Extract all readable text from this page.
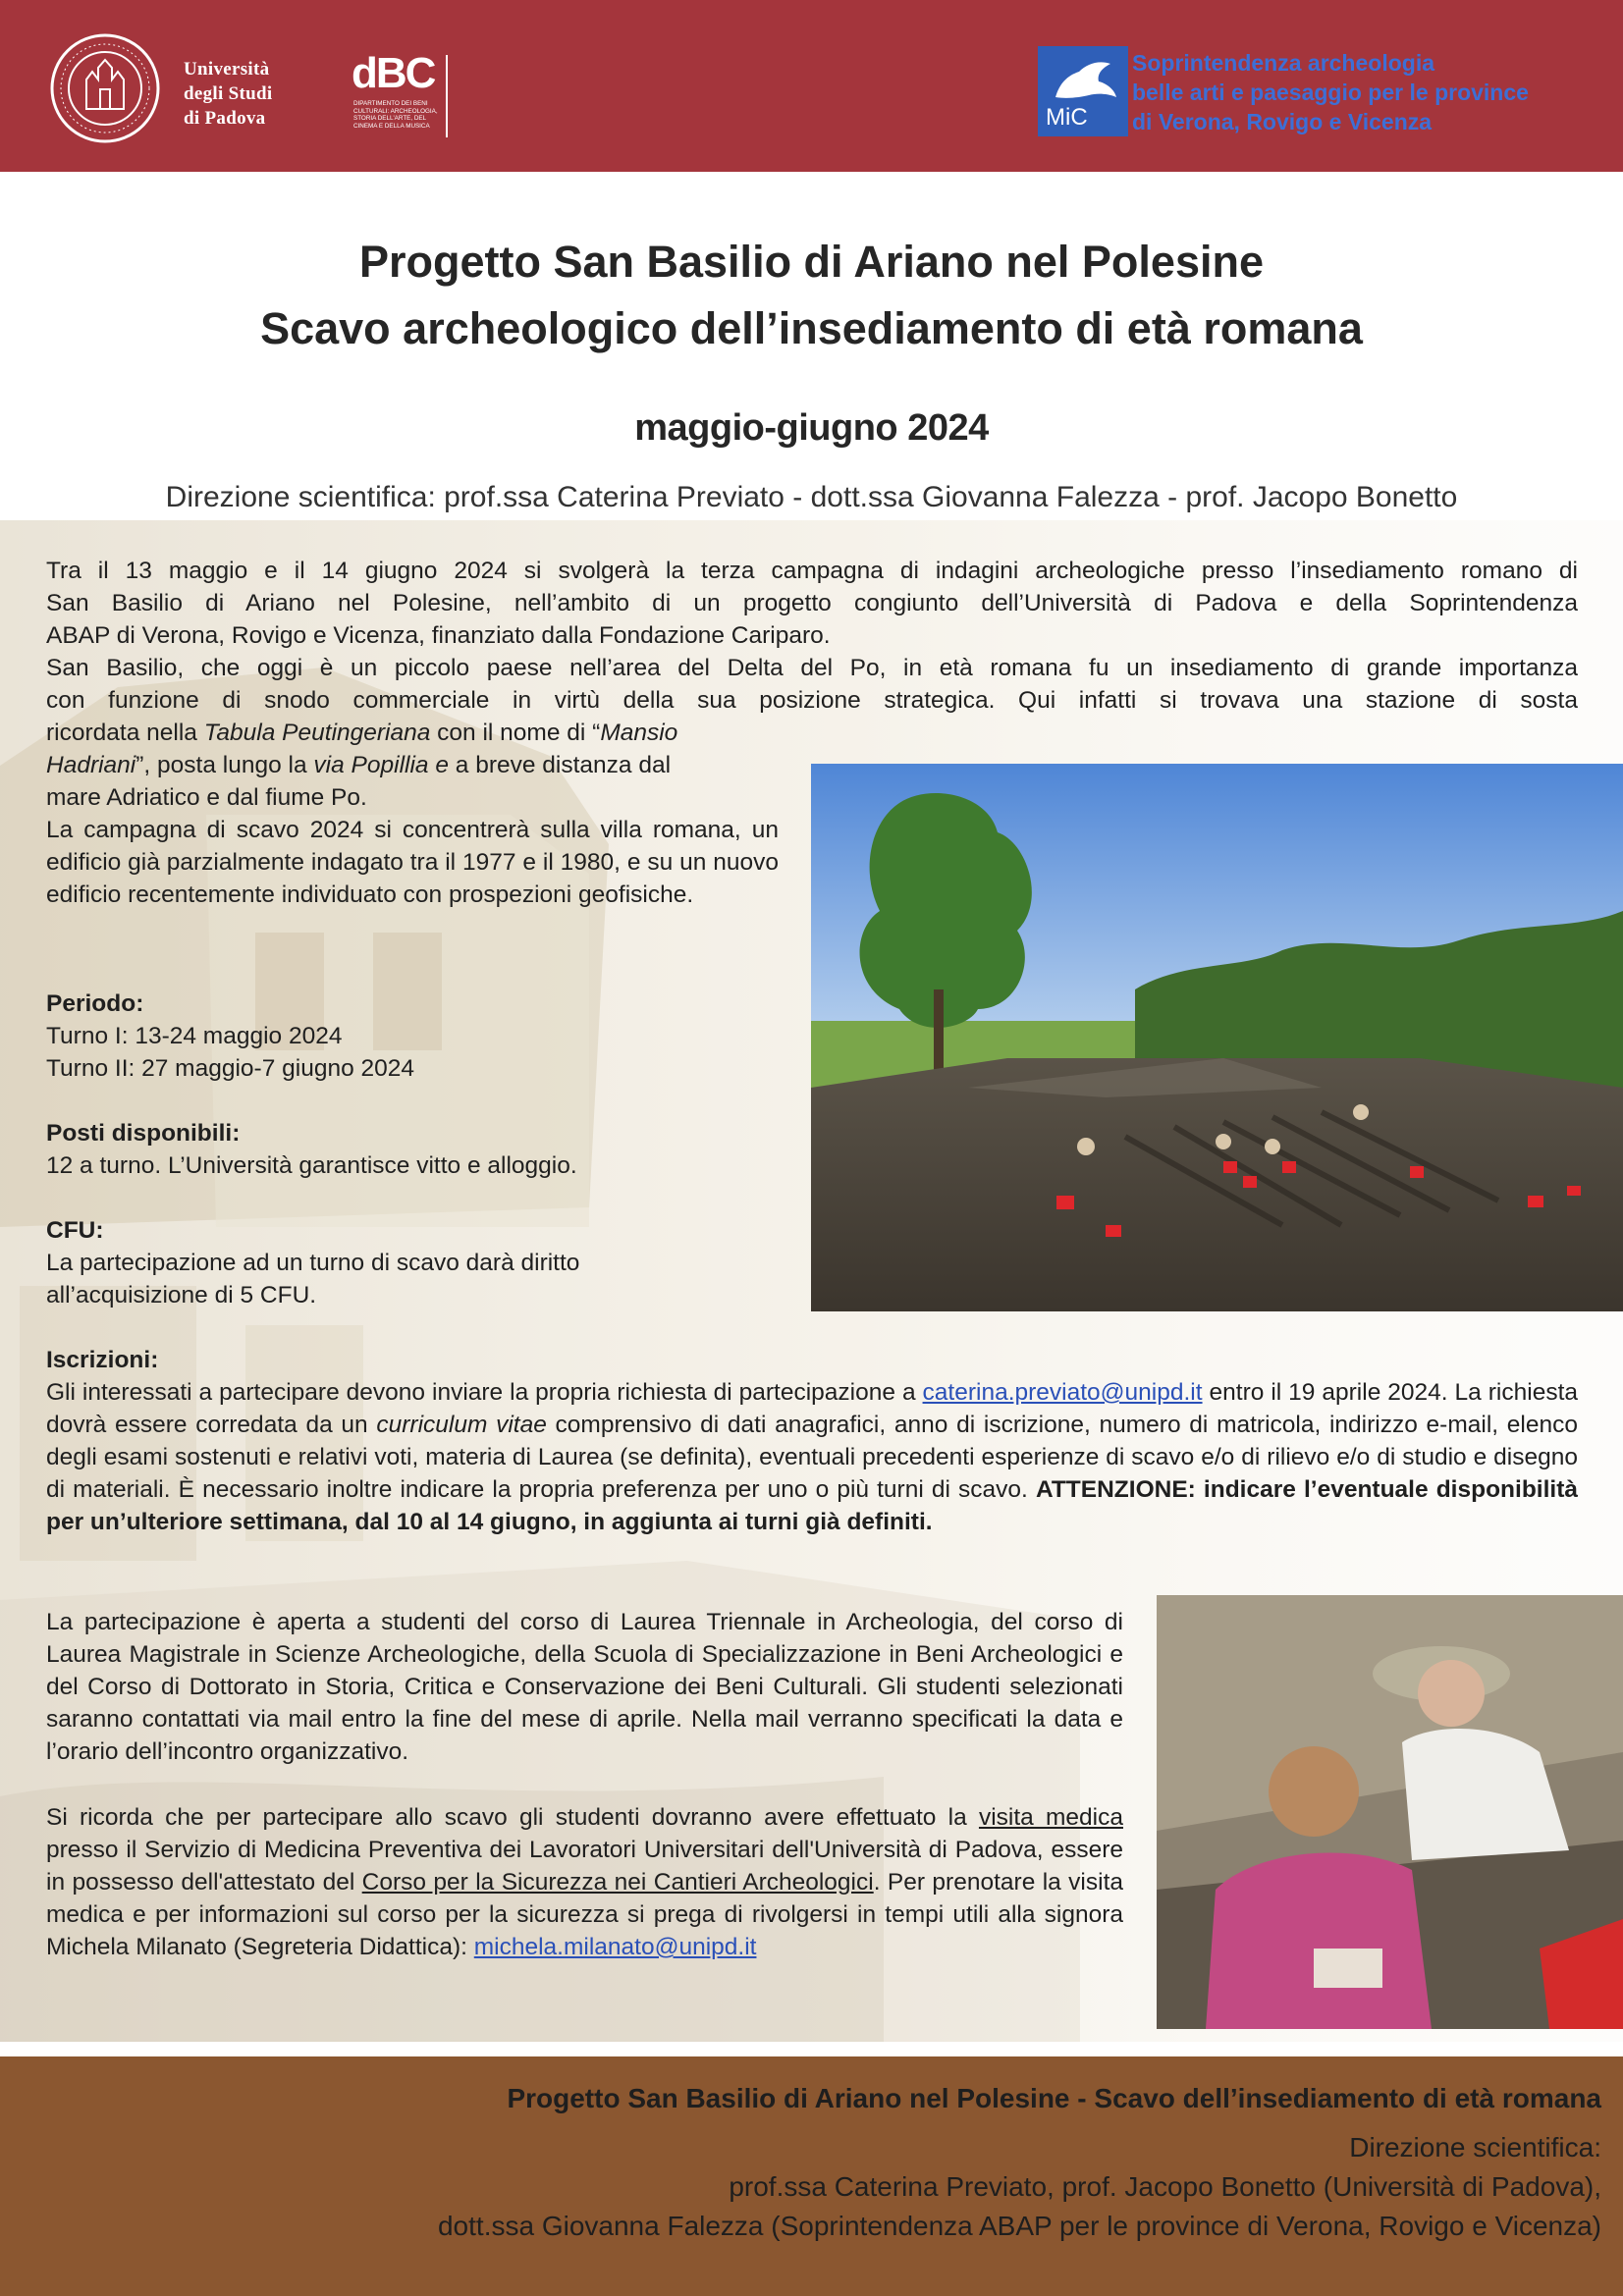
Università
degli Studi
di Padova
dBC
DIPARTIMENTO DEI BENI CULTURALI: ARCHEOLOGIA, STORIA DELL'ARTE, DEL CINEMA E DELLA MUSICA	MiC
Soprintendenza archeologia
belle arti e paesaggio per le province
di Verona, Rovigo e Vicenza
Progetto San Basilio di Ariano nel Polesine
Scavo archeologico dell’insediamento di età romana
maggio-giugno 2024
Direzione scientifica: prof.ssa Caterina Previato - dott.ssa Giovanna Falezza - prof. Jacopo Bonetto
Tra il 13 maggio e il 14 giugno 2024 si svolgerà la terza campagna di indagini archeologiche presso l’insediamento romano di
San Basilio di Ariano nel Polesine, nell’ambito di un progetto congiunto dell’Università di Padova e della Soprintendenza
ABAP di Verona, Rovigo e Vicenza, finanziato dalla Fondazione Cariparo.
San Basilio, che oggi è un piccolo paese nell’area del Delta del Po, in età romana fu un insediamento di grande importanza
con funzione di snodo commerciale in virtù della sua posizione strategica. Qui infatti si trovava una stazione di sosta
ricordata nella Tabula Peutingeriana con il nome di “Mansio
Hadriani”, posta lungo la via Popillia e a breve distanza dal
mare Adriatico e dal fiume Po.
La campagna di scavo 2024 si concentrerà sulla villa romana, un edificio già parzialmente indagato tra il 1977 e il 1980, e su un nuovo edificio recentemente individuato con prospezioni geofisiche.
Periodo:
Turno I: 13-24 maggio 2024
Turno II: 27 maggio-7 giugno 2024
Posti disponibili:
12 a turno. L’Università garantisce vitto e alloggio.
CFU:
La partecipazione ad un turno di scavo darà diritto
all’acquisizione di 5 CFU.
Iscrizioni:
Gli interessati a partecipare devono inviare la propria richiesta di partecipazione a caterina.previato@unipd.it entro il 19 aprile 2024. La richiesta dovrà essere corredata da un curriculum vitae comprensivo di dati anagrafici, anno di iscrizione, numero di matricola, indirizzo e-mail, elenco degli esami sostenuti e relativi voti, materia di Laurea (se definita), eventuali precedenti esperienze di scavo e/o di rilievo e/o di studio e disegno di materiali. È necessario inoltre indicare la propria preferenza per uno o più turni di scavo. ATTENZIONE: indicare l’eventuale disponibilità per un’ulteriore settimana, dal 10 al 14 giugno, in aggiunta ai turni già definiti.
La partecipazione è aperta a studenti del corso di Laurea Triennale in Archeologia, del corso di Laurea Magistrale in Scienze Archeologiche, della Scuola di Specializzazione in Beni Archeologici e del Corso di Dottorato in Storia, Critica e Conservazione dei Beni Culturali. Gli studenti selezionati saranno contattati via mail entro la fine del mese di aprile. Nella mail verranno specificati la data e l’orario dell’incontro organizzativo.
Si ricorda che per partecipare allo scavo gli studenti dovranno avere effettuato la visita medica presso il Servizio di Medicina Preventiva dei Lavoratori Universitari dell'Università di Padova, essere in possesso dell'attestato del Corso per la Sicurezza nei Cantieri Archeologici. Per prenotare la visita medica e per informazioni sul corso per la sicurezza si prega di rivolgersi in tempi utili alla signora Michela Milanato (Segreteria Didattica): michela.milanato@unipd.it
Progetto San Basilio di Ariano nel Polesine - Scavo dell’insediamento di età romana
Direzione scientifica:
prof.ssa Caterina Previato, prof. Jacopo Bonetto (Università di Padova),
dott.ssa Giovanna Falezza (Soprintendenza ABAP per le province di Verona, Rovigo e Vicenza)
